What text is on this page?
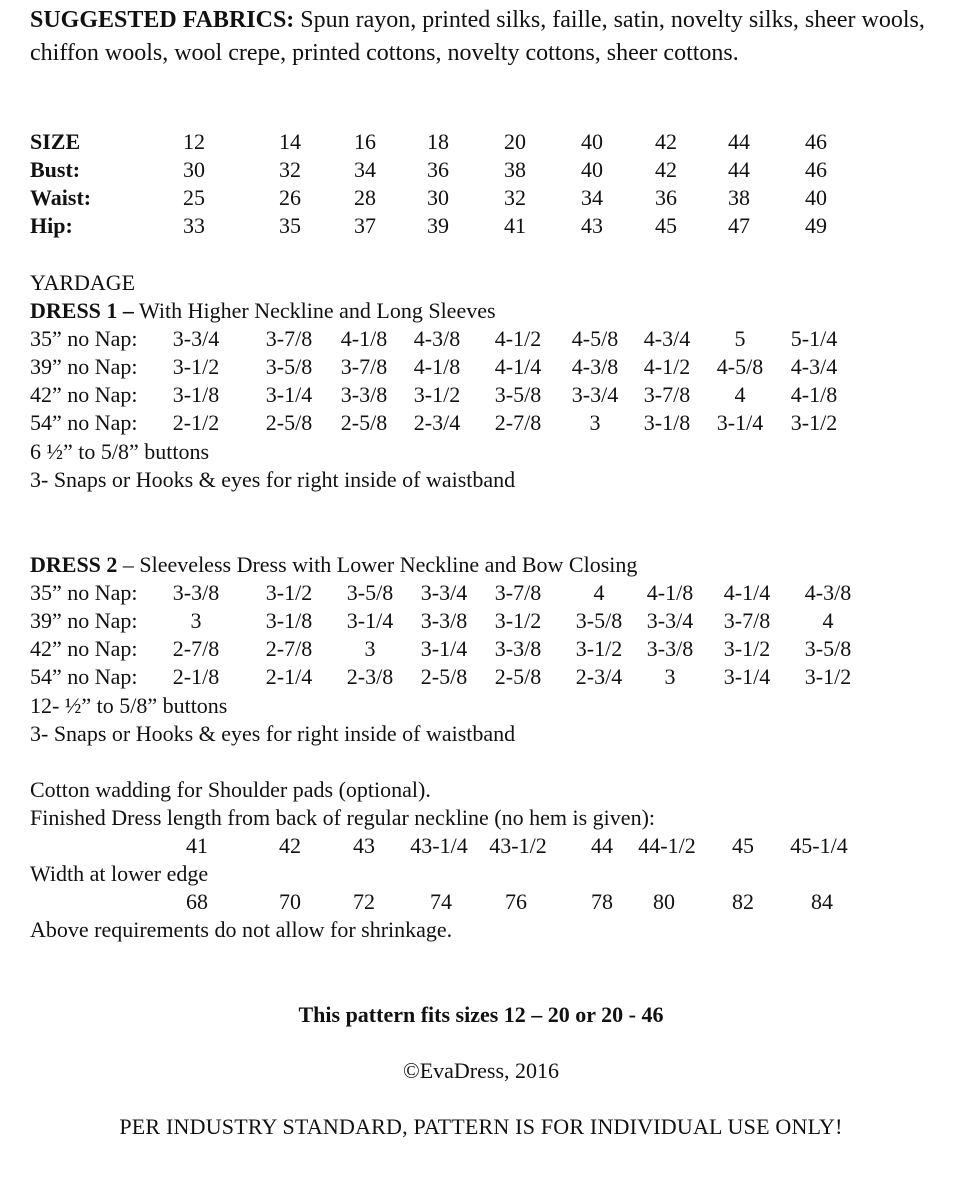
SUGGESTED FABRICS: Spun rayon, printed silks, faille, satin, novelty silks, sheer wools, chiffon wools, wool crepe, printed cottons, novelty cottons, sheer cottons.
SIZE	12	14 16 18	20	40 42 44	46
Bust:	30	32 34 36	38	40 42 44	46
Waist:	25	26 28 30	32	34 36 38	40
Hip:	33	35 37 39	41	43 45 47	49
YARDAGE
DRESS 1 – With Higher Neckline and Long Sleeves
35” no Nap: 3-3/4 3-7/8 4-1/8 4-3/8 4-1/2 4-5/8 4-3/4 5 5-1/4
39” no Nap: 3-1/2 3-5/8 3-7/8 4-1/8 4-1/4 4-3/8 4-1/2 4-5/8 4-3/4
42” no Nap: 3-1/8 3-1/4 3-3/8 3-1/2 3-5/8 3-3/4 3-7/8 4 4-1/8
54” no Nap: 2-1/2 2-5/8 2-5/8 2-3/4 2-7/8 3 3-1/8 3-1/4 3-1/2
6 ½” to 5/8” buttons
3- Snaps or Hooks & eyes for right inside of waistband
DRESS 2 – Sleeveless Dress with Lower Neckline and Bow Closing
35” no Nap: 3-3/8 3-1/2 3-5/8 3-3/4 3-7/8 4 4-1/8 4-1/4 4-3/8
39” no Nap: 3	3-1/8 3-1/4 3-3/8 3-1/2 3-5/8 3-3/4 3-7/8 4
42” no Nap: 2-7/8 2-7/8 3 3-1/4 3-3/8 3-1/2 3-3/8 3-1/2 3-5/8
54” no Nap: 2-1/8 2-1/4 2-3/8 2-5/8 2-5/8 2-3/4 3 3-1/4 3-1/2
12- ½” to 5/8” buttons
3- Snaps or Hooks & eyes for right inside of waistband
Cotton wadding for Shoulder pads (optional).
Finished Dress length from back of regular neckline (no hem is given):
41	42 43 43-1/4 43-1/2 44 44-1/2 45 45-1/4
Width at lower edge
68	70 72	74 76	78 80	82	84
Above requirements do not allow for shrinkage.
This pattern fits sizes 12 – 20 or 20 - 46
©EvaDress, 2016
PER INDUSTRY STANDARD, PATTERN IS FOR INDIVIDUAL USE ONLY!
